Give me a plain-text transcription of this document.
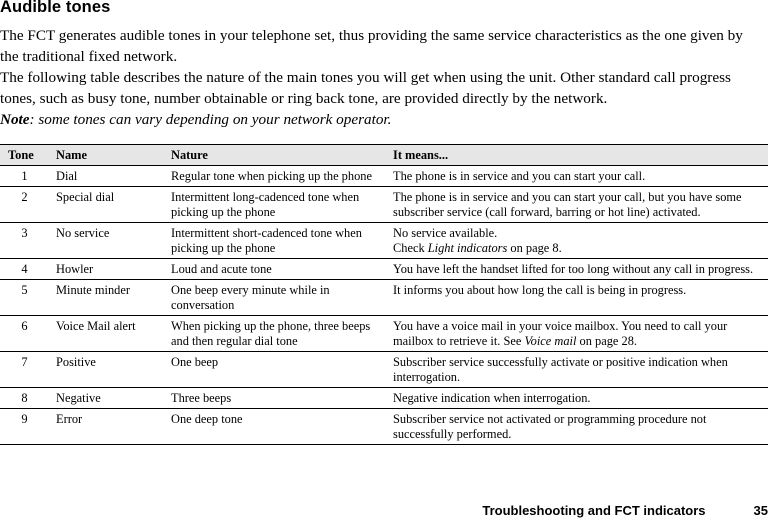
Audible tones

The FCT generates audible tones in your telephone set, thus providing the same service characteristics as the one given by the traditional fixed network.

The following table describes the nature of the main tones you will get when using the unit. Other standard call progress tones, such as busy tone, number obtainable or ring back tone, are provided directly by the network.

Note: some tones can vary depending on your network operator.

Tone	Name	Nature	It means...
1	Dial	Regular tone when picking up the phone	The phone is in service and you can start your call.
2	Special dial	Intermittent long-cadenced tone when picking up the phone	The phone is in service and you can start your call, but you have some subscriber service (call forward, barring or hot line) activated.
3	No service	Intermittent short-cadenced tone when picking up the phone	No service available.
Check Light indicators on page 8.
4	Howler	Loud and acute tone	You have left the handset lifted for too long without any call in progress.
5	Minute minder	One beep every minute while in conversation	It informs you about how long the call is being in progress.
6	Voice Mail alert	When picking up the phone, three beeps and then regular dial tone	You have a voice mail in your voice mailbox. You need to call your mailbox to retrieve it. See Voice mail on page 28.
7	Positive	One beep	Subscriber service successfully activate or positive indication when interrogation.
8	Negative	Three beeps	Negative indication when interrogation.
9	Error	One deep tone	Subscriber service not activated or programming procedure not successfully performed.
Troubleshooting and FCT indicators	35
